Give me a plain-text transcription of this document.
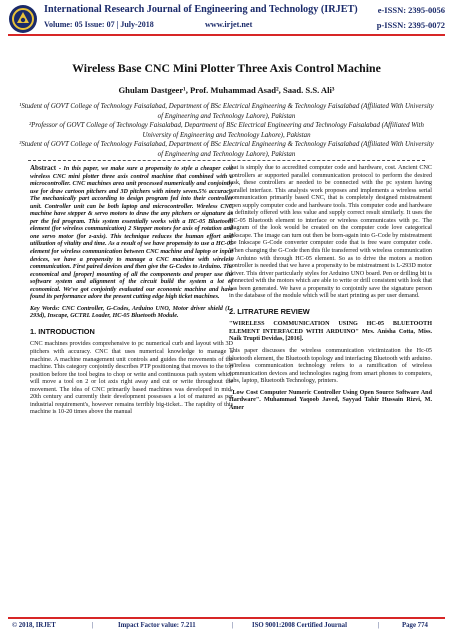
International Research Journal of Engineering and Technology (IRJET) e-ISSN: 2395-0056
Volume: 05 Issue: 07 | July-2018	www.irjet.net	p-ISSN: 2395-0072
Wireless Base CNC Mini Plotter Three Axis Control Machine
Ghulam Dastgeer¹, Prof. Muhammad Asad², Saad. S.S. Ali³
¹Student of GOVT College of Technology Faisalabad, Department of BSc Electrical Engineering & Technology Faisalabad (Affiliated With University of Engineering and Technology Lahore), Pakistan
²Professor of GOVT College of Technology Faisalabad, Department of BSc Electrical Engineering and Technology Faisalabad (Affiliated With University of Engineering and Technology Lahore), Pakistan
³Student of GOVT College of Technology Faisalabad, Department of BSc Electrical Engineering & Technology Faisalabad (Affiliated With University of Engineering and Technology Lahore), Pakistan

Abstract - In this paper, we make sure a propensity to style a cheaper cost wireless CNC mini plotter three axis control machine that combined with a microcontroller. CNC machines area unit processed numerically and conjointly use for draw cartoon pitchers and 3D pitchers with ninety seven.5% accuracy. The mechanically part according to design program fed into their controller unit. Controller unit can be both laptop and microcontroller. Wireless CNC machine have stepper & servo motors to draw the any pitchers or signature as per the fed program. This system essentially works with a HC-05 Bluetooth element (for wireless communication) 2 Stepper motors for axis of rotation and one servo motor (for z-axis). This technique reduces the human effort and utilization of vitality and time. As a result of we have propensity to use a HC-05 element for wireless communication between CNC machine and laptop or input devices, we have a propensity to manage a CNC machine with wireless communication. First paired devices and then give the G-Codes to Arduino. The economical and [proper] mounting of all the components and proper use the software system and alignment of the circuit build the system a lot of economical. We've got conjointly evaluated our economic machine and have found its performance adore the present cutting edge high ticket machines.

Key Words: CNC Controller, G-Codes, Arduino UNO, Motor driver shield (L-293d), Inscape, GCTRL Loader, HC-05 Bluetooth Module.

1. INTRODUCTION

CNC machines provides comprehensive to pc numerical curb and layout with 3D pitchers with accuracy. CNC that uses numerical knowledge to manage a machine. A machine management unit controls and guides the movements of the machine. This category conjointly describes PTP positioning that moves to the top position before the tool begins to chop or write and continuous path system which will move a tool on 2 or lot axis right away and cut or write throughout the movement. The idea of CNC primarily based machines was developed in mid-20th century and currently their development possesses a lot of matured as per industrial requirement's, however remains terribly big-ticket.. The rapidity of this machine is 10-20 times above the manual

that is simply due to accredited computer code and hardware, cost. Ancient CNC controllers ar supported parallel communication protocol to perform the desired task, these controllers ar needed to be connected with the pc system having parallel interface. This analysis work proposes and implements a wireless serial communication primarily based CNC, that is completely designed mistreatment open supply computer code and hardware tools. This computer code and hardware is definitely offered with less value and supply correct result similarly. It uses the HC-05 Bluetooth element to interface or wireless communicates with pc. The diagram of the look would be created on the computer code love categorical Inkscape. The image can turn out then be born-again into G-Code by mistreatment the Inkscape G-Code converter computer code that is free ware computer code. When changing the G-Code then this file transferred with wireless communication to Arduino with through HC-05 element. So as to drive the motors a motion controller is needed that we have a propensity to be mistreatment is L-293D motor driver. This driver particularly styles for Arduino UNO board. Pen or drilling bit is connected with the motors which are able to write or drill consistent with look that has been generated. We have a propensity to conjointly save the signature person in the database of the module which will be start printing as per user demand.

2. LITRATURE REVIEW

"WIRELESS COMMUNICATION USING HC-05 BLUETOOTH ELEMENT INTERFACED WITH ARDUINO" Mrs. Anisha Cotta, Miss. Naik Trupti Devidas, [2016].

This paper discusses the wireless communication victimization the Hc-05 bluetooth element, the Bluetooth topology and interfacing Bluetooth with arduino. Wireless communication technology refers to a ramification of wireless communication devices and technologies raging from smart phones to computers, tabs, laptop, Bluetooth Technology, printers.

"Low Cost Computer Numeric Controller Using Open Source Software And Hardware". Muhammad Yaqoob Javed, Sayyad Tahir Hussain Rizvi, M. Amer

© 2018, IRJET	|	Impact Factor value: 7.211	|	ISO 9001:2008 Certified Journal	|	Page 774
